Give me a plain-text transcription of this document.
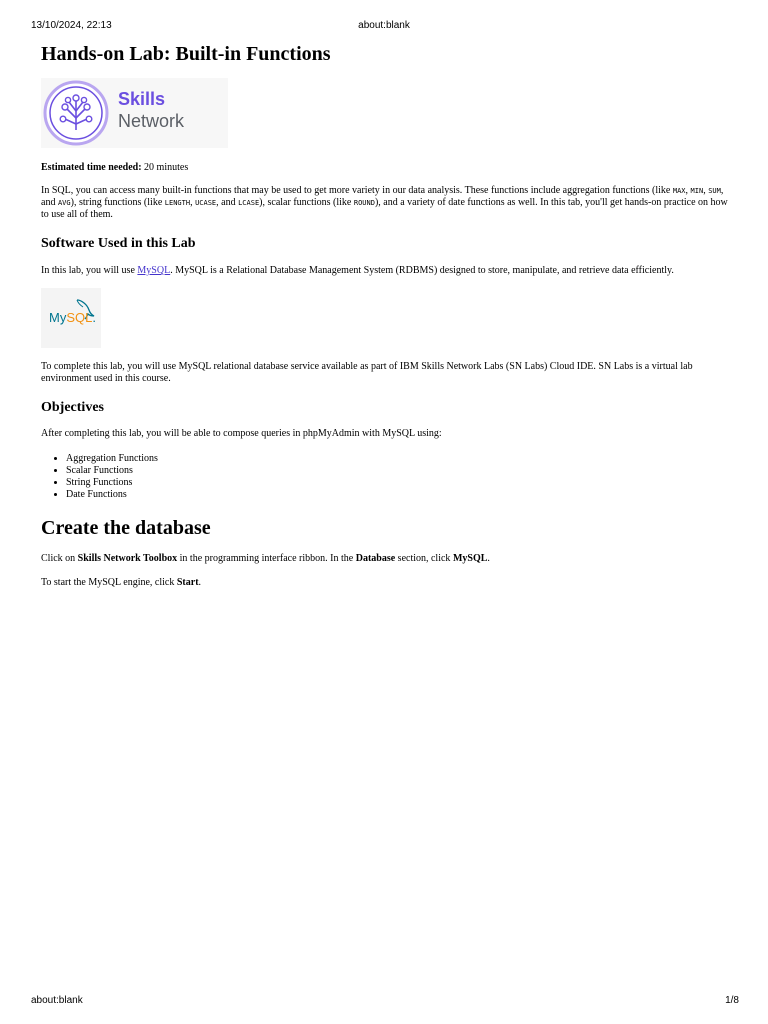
13/10/2024, 22:13	about:blank
Hands-on Lab: Built-in Functions
Skills
Network

Estimated time needed: 20 minutes

In SQL, you can access many built-in functions that may be used to get more variety in our data analysis. These functions include aggregation functions (like MAX, MIN, SUM, and AVG), string functions (like LENGTH, UCASE, and LCASE), scalar functions (like ROUND), and a variety of date functions as well. In this tab, you'll get hands-on practice on how to use all of them.

Software Used in this Lab

In this lab, you will use MySQL. MySQL is a Relational Database Management System (RDBMS) designed to store, manipulate, and retrieve data efficiently.

MySQL.

To complete this lab, you will use MySQL relational database service available as part of IBM Skills Network Labs (SN Labs) Cloud IDE. SN Labs is a virtual lab environment used in this course.

Objectives

After completing this lab, you will be able to compose queries in phpMyAdmin with MySQL using:

• Aggregation Functions
• Scalar Functions
• String Functions
• Date Functions
Create the database

Click on Skills Network Toolbox in the programming interface ribbon. In the Database section, click MySQL.

To start the MySQL engine, click Start.

about:blank	1/8
